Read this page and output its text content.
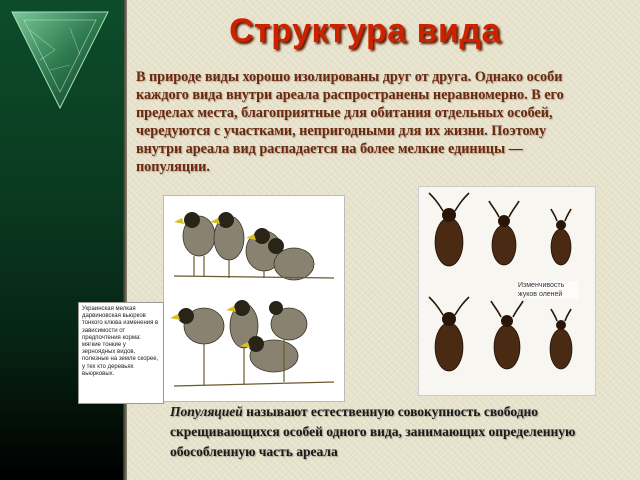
Структура вида
В природе виды хорошо изолированы друг от друга. Однако особи каждого вида внутри ареала распространены неравномерно. В его пределах места, благоприятные для обитания отдельных особей, чередуются с участками, непригодными для их жизни. Поэтому внутри ареала вид распадается на более мелкие единицы — популяции.
Изменчивость жуков оленей
Украинская мелкая дарвиновская вьюрков тонкого клюва изменения в зависимости от предпочтения корма: мягкие тонкие у зерноядных видов, полезные на земле скорее, у тех кто деревьях вьюрковых.
Популяцией называют естественную совокупность свободно скрещивающихся особей одного вида, занимающих определенную обособленную часть ареала
